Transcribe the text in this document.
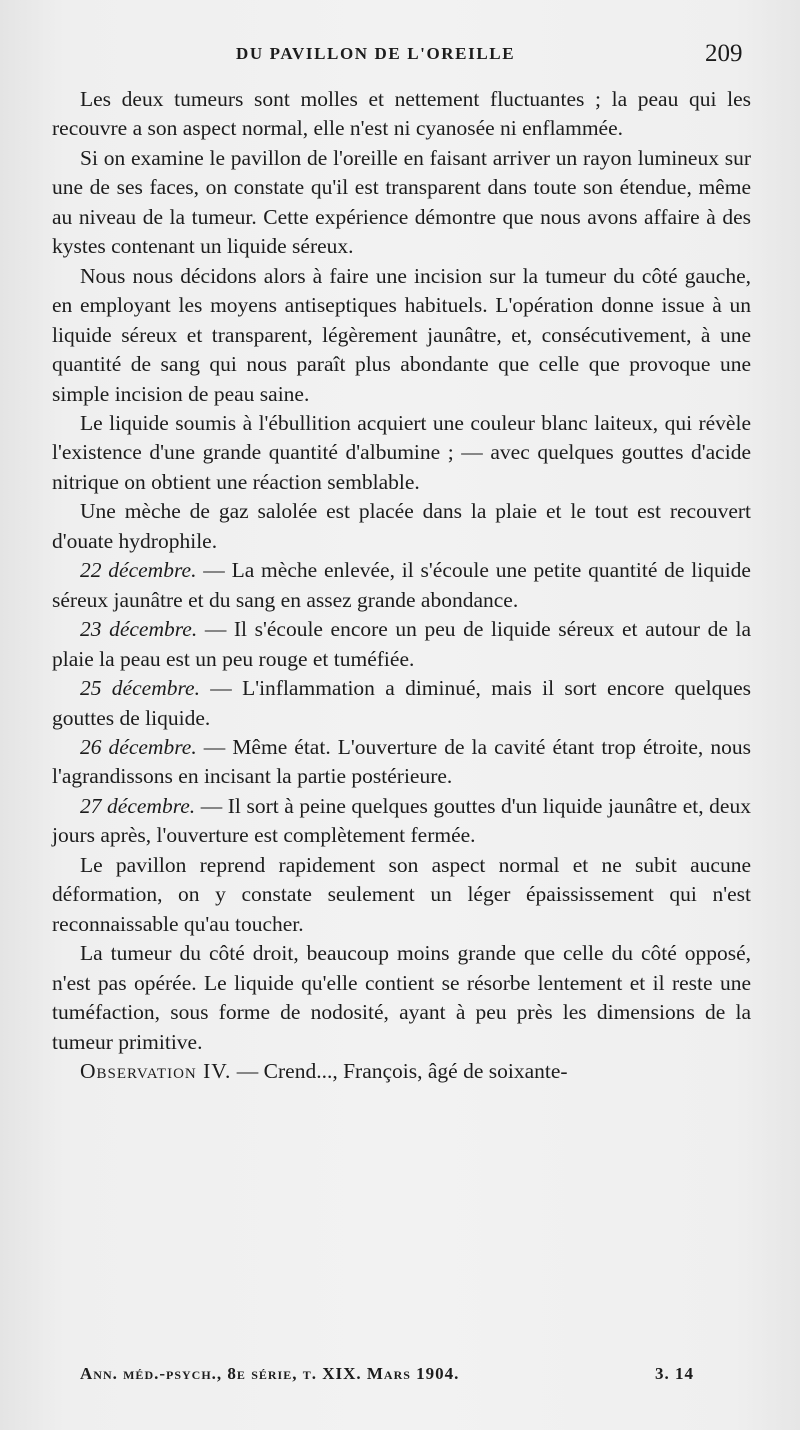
DU PAVILLON DE L'OREILLE	209

Les deux tumeurs sont molles et nettement fluctuantes ; la peau qui les recouvre a son aspect normal, elle n'est ni cyanosée ni enflammée.

Si on examine le pavillon de l'oreille en faisant arriver un rayon lumineux sur une de ses faces, on constate qu'il est transparent dans toute son étendue, même au niveau de la tumeur. Cette expérience démontre que nous avons affaire à des kystes contenant un liquide séreux.

Nous nous décidons alors à faire une incision sur la tumeur du côté gauche, en employant les moyens antiseptiques habituels. L'opération donne issue à un liquide séreux et transparent, légèrement jaunâtre, et, consécutivement, à une quantité de sang qui nous paraît plus abondante que celle que provoque une simple incision de peau saine.

Le liquide soumis à l'ébullition acquiert une couleur blanc laiteux, qui révèle l'existence d'une grande quantité d'albumine ; — avec quelques gouttes d'acide nitrique on obtient une réaction semblable.

Une mèche de gaz salolée est placée dans la plaie et le tout est recouvert d'ouate hydrophile.

22 décembre. — La mèche enlevée, il s'écoule une petite quantité de liquide séreux jaunâtre et du sang en assez grande abondance.

23 décembre. — Il s'écoule encore un peu de liquide séreux et autour de la plaie la peau est un peu rouge et tuméfiée.

25 décembre. — L'inflammation a diminué, mais il sort encore quelques gouttes de liquide.

26 décembre. — Même état. L'ouverture de la cavité étant trop étroite, nous l'agrandissons en incisant la partie postérieure.

27 décembre. — Il sort à peine quelques gouttes d'un liquide jaunâtre et, deux jours après, l'ouverture est complètement fermée.

Le pavillon reprend rapidement son aspect normal et ne subit aucune déformation, on y constate seulement un léger épaississement qui n'est reconnaissable qu'au toucher.

La tumeur du côté droit, beaucoup moins grande que celle du côté opposé, n'est pas opérée. Le liquide qu'elle contient se résorbe lentement et il reste une tuméfaction, sous forme de nodosité, ayant à peu près les dimensions de la tumeur primitive.

Observation IV. — Crend..., François, âgé de soixante-

Ann. méd.-psych., 8e série, t. XIX. Mars 1904.	3. 14
